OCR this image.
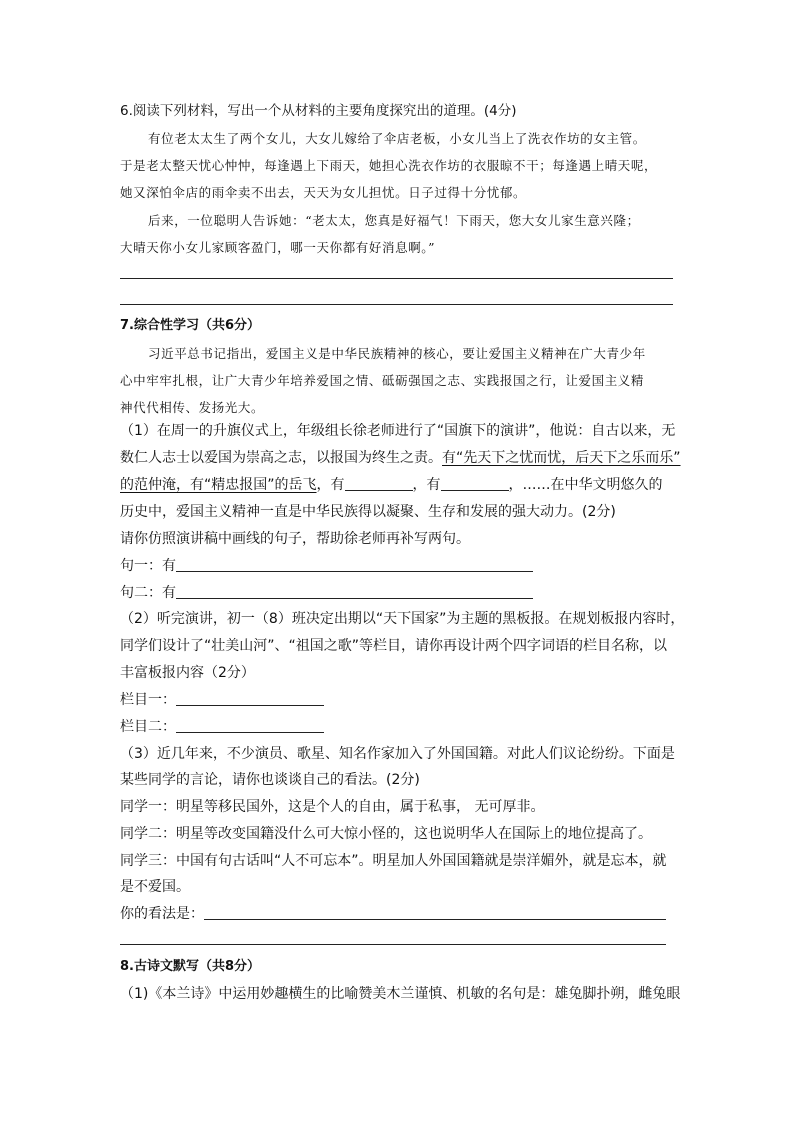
6.阅读下列材料，写出一个从材料的主要角度探究出的道理。(4分)
有位老太太生了两个女儿，大女儿嫁给了伞店老板，小女儿当上了洗衣作坊的女主管。
于是老太整天忧心忡忡，每逢遇上下雨天，她担心洗衣作坊的衣服晾不干；每逢遇上晴天呢，
她又深怕伞店的雨伞卖不出去，天天为女儿担忧。日子过得十分忧郁。
后来，一位聪明人告诉她：“老太太，您真是好福气！下雨天，您大女儿家生意兴隆；
大晴天你小女儿家顾客盈门，哪一天你都有好消息啊。”
7.综合性学习（共6分）
习近平总书记指出，爱国主义是中华民族精神的核心，要让爱国主义精神在广大青少年
心中牢牢扎根，让广大青少年培养爱国之情、砥砺强国之志、实践报国之行，让爱国主义精
神代代相传、发扬光大。
（1）在周一的升旗仪式上，年级组长徐老师进行了“国旗下的演讲”，他说：自古以来，无
数仁人志士以爱国为崇高之志，以报国为终生之责。有“先天下之忧而忧，后天下之乐而乐”
的范仲淹，有“精忠报国”的岳飞，有	，有	，……在中华文明悠久的
历史中，爱国主义精神一直是中华民族得以凝聚、生存和发展的强大动力。(2分)
请你仿照演讲稿中画线的句子，帮助徐老师再补写两句。
句一：有
句二：有
（2）听完演讲，初一（8）班决定出期以“天下国家”为主题的黑板报。在规划板报内容时，
同学们设计了“壮美山河”、“祖国之歌”等栏目，请你再设计两个四字词语的栏目名称，以
丰富板报内容（2分）
栏目一：
栏目二：
（3）近几年来，不少演员、歌星、知名作家加入了外国国籍。对此人们议论纷纷。下面是
某些同学的言论，请你也谈谈自己的看法。(2分)
同学一：明星等移民国外，这是个人的自由，属于私事， 无可厚非。
同学二：明星等改变国籍没什么可大惊小怪的，这也说明华人在国际上的地位提高了。
同学三：中国有句古话叫“人不可忘本”。明星加人外国国籍就是崇洋媚外，就是忘本，就
是不爱国。
你的看法是：
8.古诗文默写（共8分）
（1)《本兰诗》中运用妙趣横生的比喻赞美木兰谨慎、机敏的名句是：雄兔脚扑朔，雌兔眼
